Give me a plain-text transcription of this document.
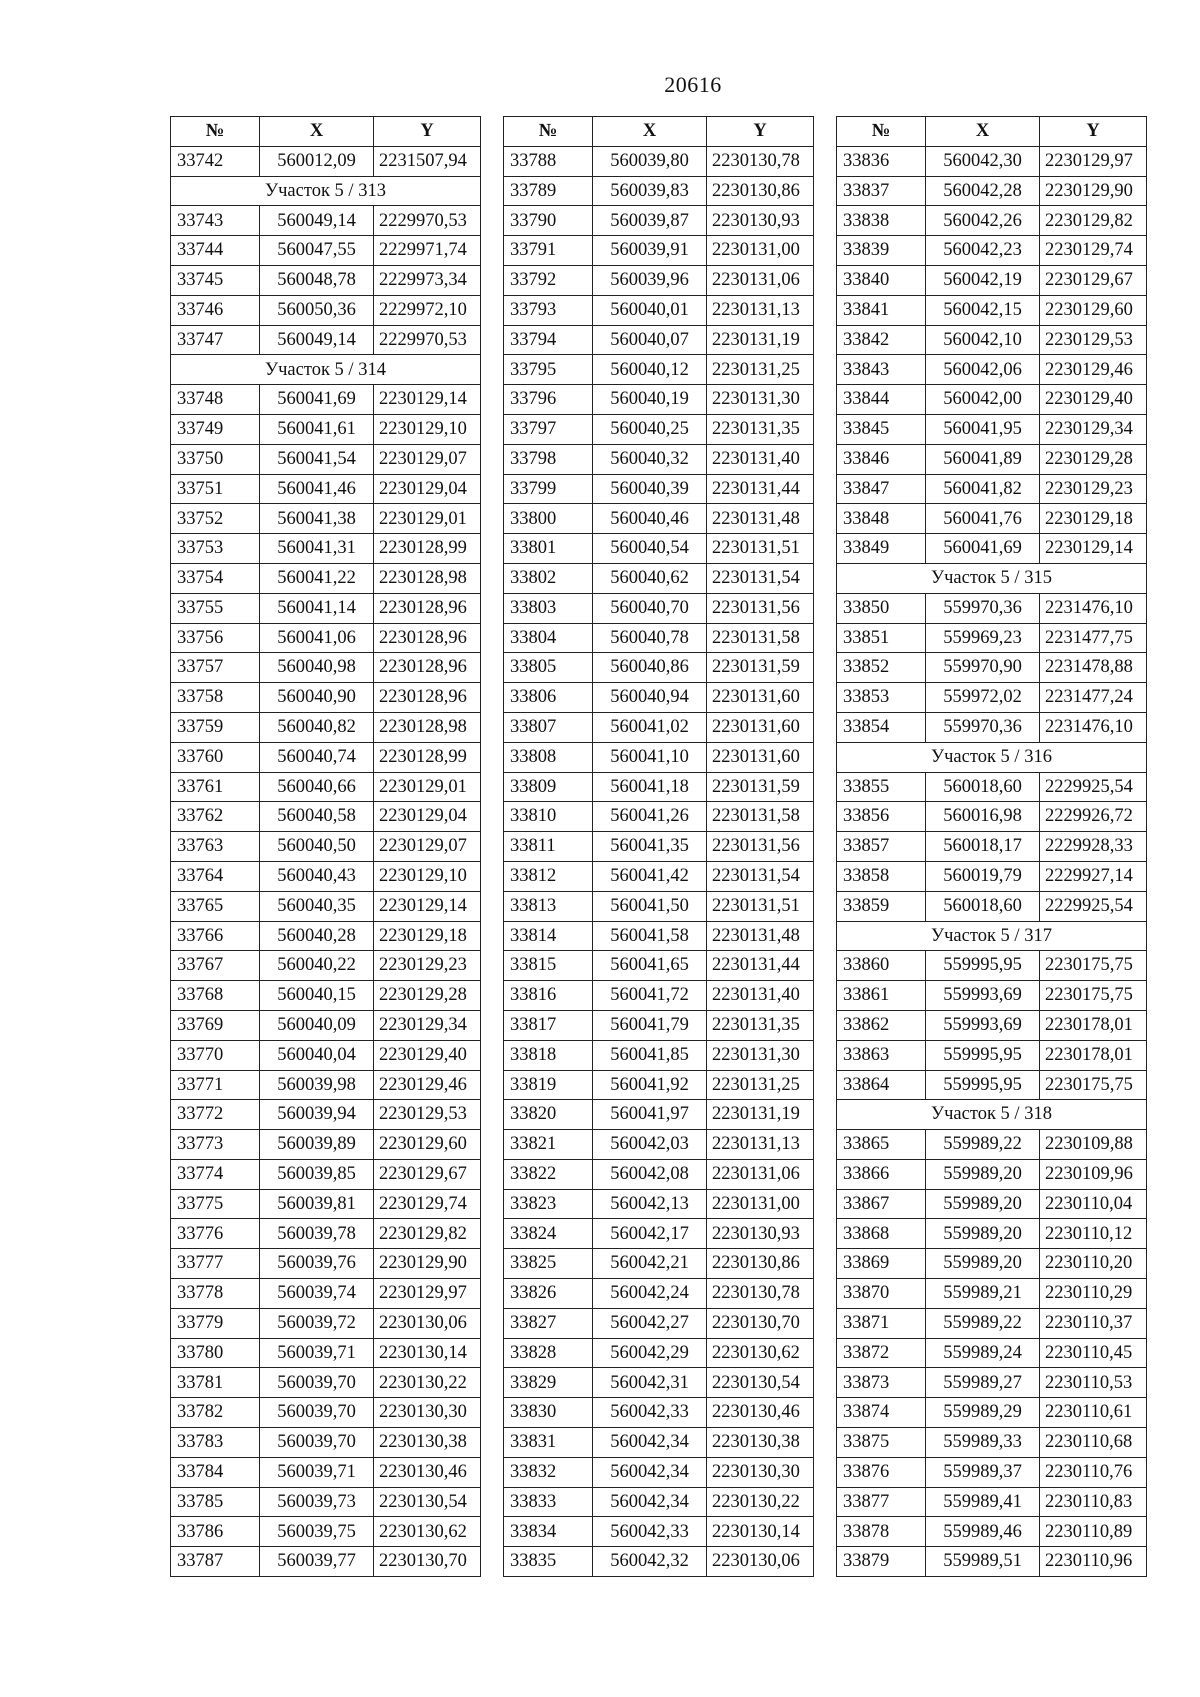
20616
№	X	Y
33742	560012,09	2231507,94
Участок 5 / 313		
33743	560049,14	2229970,53
33744	560047,55	2229971,74
33745	560048,78	2229973,34
33746	560050,36	2229972,10
33747	560049,14	2229970,53
Участок 5 / 314		
33748	560041,69	2230129,14
33749	560041,61	2230129,10
33750	560041,54	2230129,07
33751	560041,46	2230129,04
33752	560041,38	2230129,01
33753	560041,31	2230128,99
33754	560041,22	2230128,98
33755	560041,14	2230128,96
33756	560041,06	2230128,96
33757	560040,98	2230128,96
33758	560040,90	2230128,96
33759	560040,82	2230128,98
33760	560040,74	2230128,99
33761	560040,66	2230129,01
33762	560040,58	2230129,04
33763	560040,50	2230129,07
33764	560040,43	2230129,10
33765	560040,35	2230129,14
33766	560040,28	2230129,18
33767	560040,22	2230129,23
33768	560040,15	2230129,28
33769	560040,09	2230129,34
33770	560040,04	2230129,40
33771	560039,98	2230129,46
33772	560039,94	2230129,53
33773	560039,89	2230129,60
33774	560039,85	2230129,67
33775	560039,81	2230129,74
33776	560039,78	2230129,82
33777	560039,76	2230129,90
33778	560039,74	2230129,97
33779	560039,72	2230130,06
33780	560039,71	2230130,14
33781	560039,70	2230130,22
33782	560039,70	2230130,30
33783	560039,70	2230130,38
33784	560039,71	2230130,46
33785	560039,73	2230130,54
33786	560039,75	2230130,62
33787	560039,77	2230130,70
№	X	Y
33788	560039,80	2230130,78
33789	560039,83	2230130,86
33790	560039,87	2230130,93
33791	560039,91	2230131,00
33792	560039,96	2230131,06
33793	560040,01	2230131,13
33794	560040,07	2230131,19
33795	560040,12	2230131,25
33796	560040,19	2230131,30
33797	560040,25	2230131,35
33798	560040,32	2230131,40
33799	560040,39	2230131,44
33800	560040,46	2230131,48
33801	560040,54	2230131,51
33802	560040,62	2230131,54
33803	560040,70	2230131,56
33804	560040,78	2230131,58
33805	560040,86	2230131,59
33806	560040,94	2230131,60
33807	560041,02	2230131,60
33808	560041,10	2230131,60
33809	560041,18	2230131,59
33810	560041,26	2230131,58
33811	560041,35	2230131,56
33812	560041,42	2230131,54
33813	560041,50	2230131,51
33814	560041,58	2230131,48
33815	560041,65	2230131,44
33816	560041,72	2230131,40
33817	560041,79	2230131,35
33818	560041,85	2230131,30
33819	560041,92	2230131,25
33820	560041,97	2230131,19
33821	560042,03	2230131,13
33822	560042,08	2230131,06
33823	560042,13	2230131,00
33824	560042,17	2230130,93
33825	560042,21	2230130,86
33826	560042,24	2230130,78
33827	560042,27	2230130,70
33828	560042,29	2230130,62
33829	560042,31	2230130,54
33830	560042,33	2230130,46
33831	560042,34	2230130,38
33832	560042,34	2230130,30
33833	560042,34	2230130,22
33834	560042,33	2230130,14
33835	560042,32	2230130,06
№	X	Y
33836	560042,30	2230129,97
33837	560042,28	2230129,90
33838	560042,26	2230129,82
33839	560042,23	2230129,74
33840	560042,19	2230129,67
33841	560042,15	2230129,60
33842	560042,10	2230129,53
33843	560042,06	2230129,46
33844	560042,00	2230129,40
33845	560041,95	2230129,34
33846	560041,89	2230129,28
33847	560041,82	2230129,23
33848	560041,76	2230129,18
33849	560041,69	2230129,14
Участок 5 / 315		
33850	559970,36	2231476,10
33851	559969,23	2231477,75
33852	559970,90	2231478,88
33853	559972,02	2231477,24
33854	559970,36	2231476,10
Участок 5 / 316		
33855	560018,60	2229925,54
33856	560016,98	2229926,72
33857	560018,17	2229928,33
33858	560019,79	2229927,14
33859	560018,60	2229925,54
Участок 5 / 317		
33860	559995,95	2230175,75
33861	559993,69	2230175,75
33862	559993,69	2230178,01
33863	559995,95	2230178,01
33864	559995,95	2230175,75
Участок 5 / 318		
33865	559989,22	2230109,88
33866	559989,20	2230109,96
33867	559989,20	2230110,04
33868	559989,20	2230110,12
33869	559989,20	2230110,20
33870	559989,21	2230110,29
33871	559989,22	2230110,37
33872	559989,24	2230110,45
33873	559989,27	2230110,53
33874	559989,29	2230110,61
33875	559989,33	2230110,68
33876	559989,37	2230110,76
33877	559989,41	2230110,83
33878	559989,46	2230110,89
33879	559989,51	2230110,96
